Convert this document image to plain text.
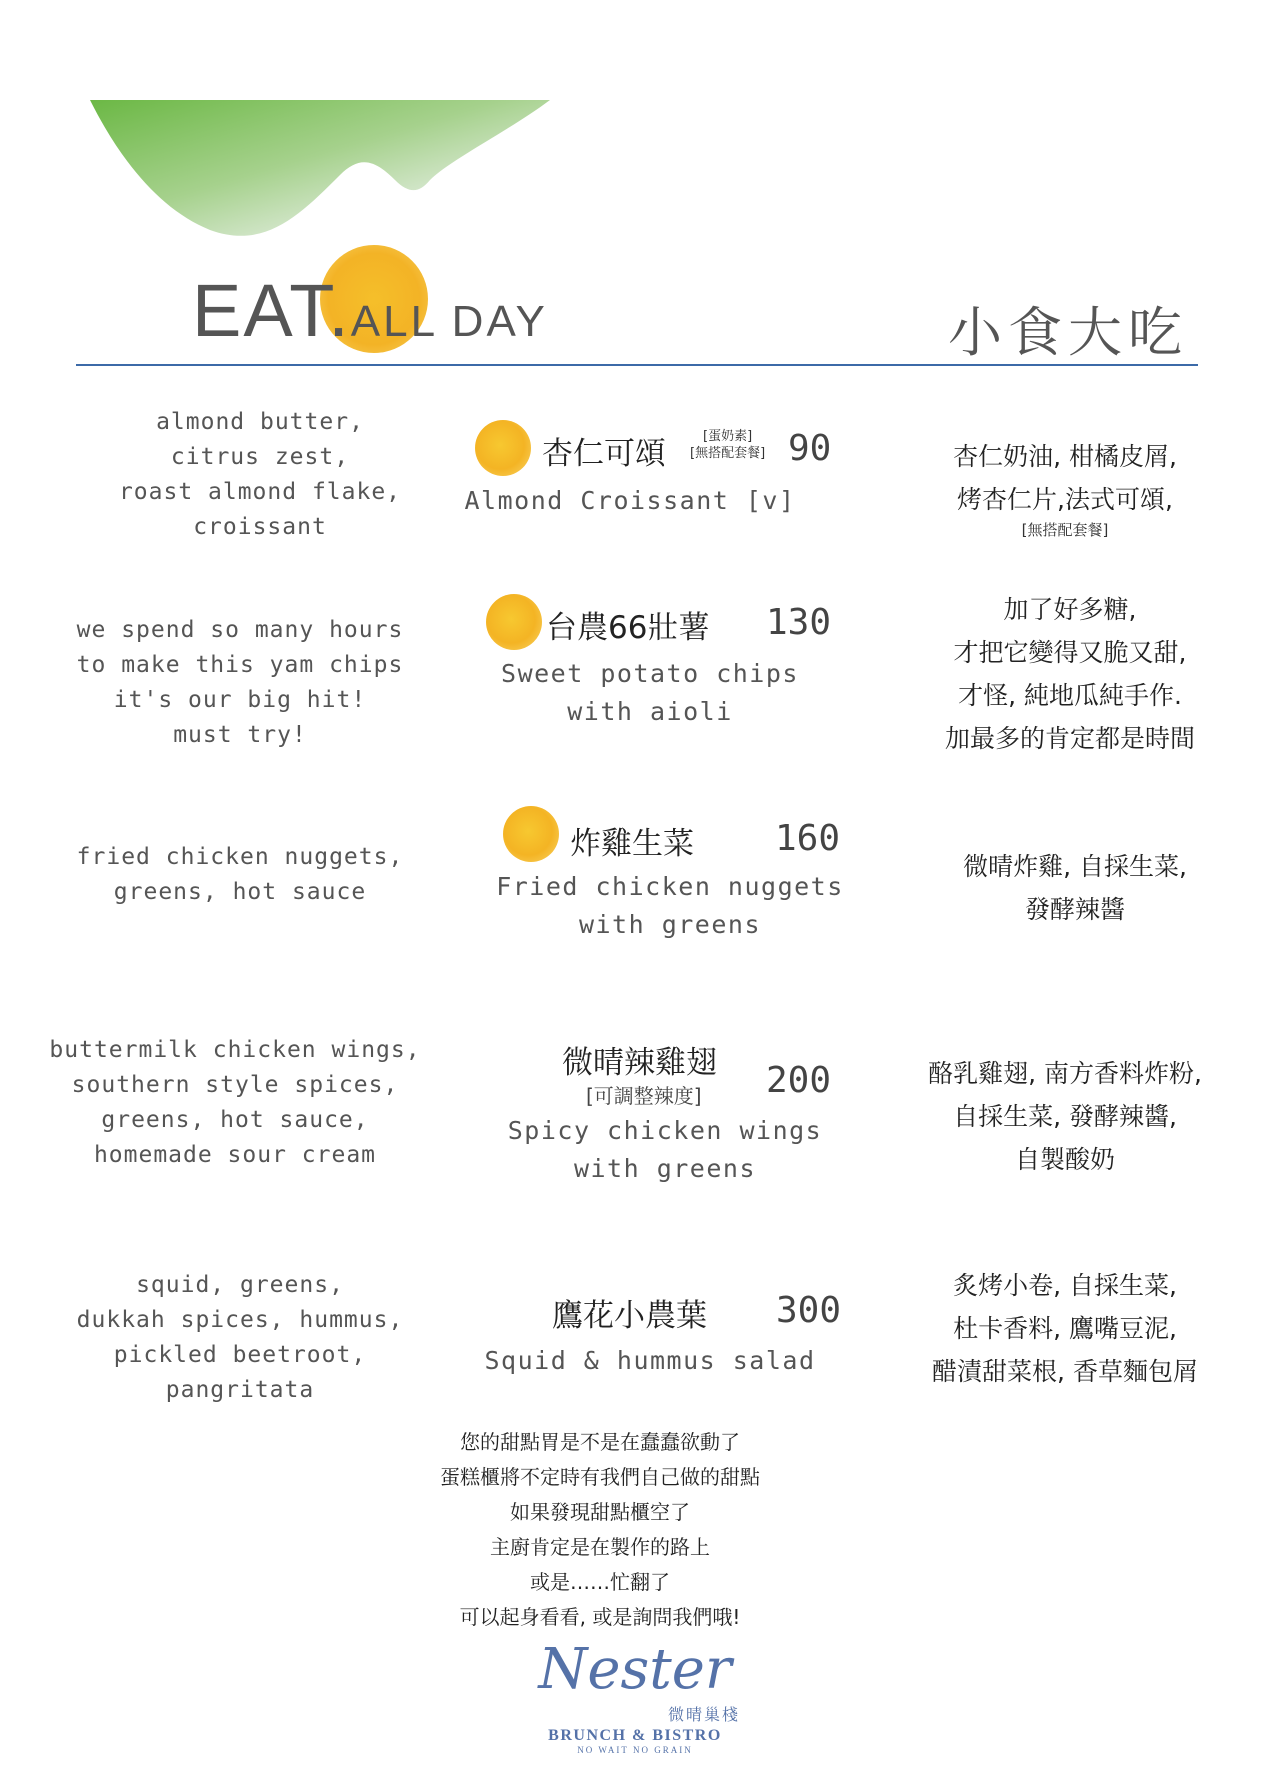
EAT.ALL DAY	小食大吃
almond butter,
citrus zest,
roast almond flake,
croissant
杏仁可頌	[蛋奶素]
[無搭配套餐] 90
Almond Croissant [v]
杏仁奶油, 柑橘皮屑,
烤杏仁片,法式可頌,
[無搭配套餐]
we spend so many hours
to make this yam chips
it's our big hit!
must try!
台農66壯薯 130
Sweet potato chips
with aioli
加了好多糖,
才把它變得又脆又甜,
才怪, 純地瓜純手作.
加最多的肯定都是時間
fried chicken nuggets,
greens, hot sauce
炸雞生菜 160
Fried chicken nuggets
with greens
微晴炸雞, 自採生菜,
發酵辣醬
buttermilk chicken wings,
southern style spices,
greens, hot sauce,
homemade sour cream
微晴辣雞翅
[可調整辣度] 200
Spicy chicken wings
with greens
酪乳雞翅, 南方香料炸粉,
自採生菜, 發酵辣醬,
自製酸奶
squid, greens,
dukkah spices, hummus,
pickled beetroot,
pangritata
鷹花小農葉 300
Squid & hummus salad
炙烤小卷, 自採生菜,
杜卡香料, 鷹嘴豆泥,
醋漬甜菜根, 香草麵包屑
您的甜點胃是不是在蠢蠢欲動了
蛋糕櫃將不定時有我們自己做的甜點
如果發現甜點櫃空了
主廚肯定是在製作的路上
或是……忙翻了
可以起身看看, 或是詢問我們哦!
Nester
微晴巢棧
BRUNCH & BISTRO
NO WAIT NO GRAIN
